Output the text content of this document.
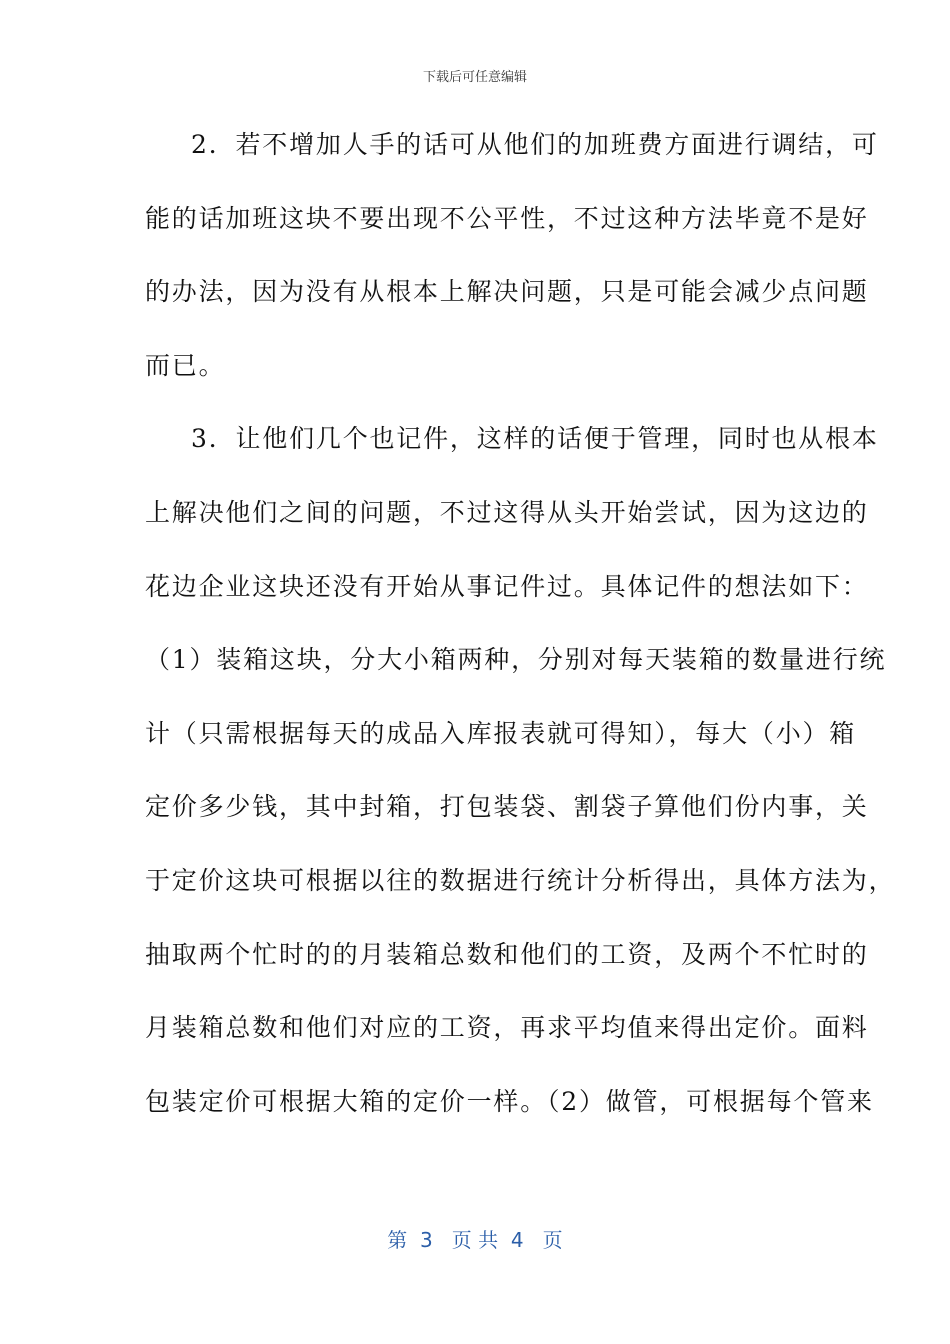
下载后可任意编辑
2．若不增加人手的话可从他们的加班费方面进行调结，可
能的话加班这块不要出现不公平性，不过这种方法毕竟不是好
的办法，因为没有从根本上解决问题，只是可能会减少点问题
而已。
3．让他们几个也记件，这样的话便于管理，同时也从根本
上解决他们之间的问题，不过这得从头开始尝试，因为这边的
花边企业这块还没有开始从事记件过。具体记件的想法如下：
（1）装箱这块，分大小箱两种，分别对每天装箱的数量进行统
计（只需根据每天的成品入库报表就可得知），每大（小）箱
定价多少钱，其中封箱，打包装袋、割袋子算他们份内事，关
于定价这块可根据以往的数据进行统计分析得出，具体方法为，
抽取两个忙时的的月装箱总数和他们的工资，及两个不忙时的
月装箱总数和他们对应的工资，再求平均值来得出定价。面料
包装定价可根据大箱的定价一样。（2）做管，可根据每个管来
第  3   页 共  4   页
